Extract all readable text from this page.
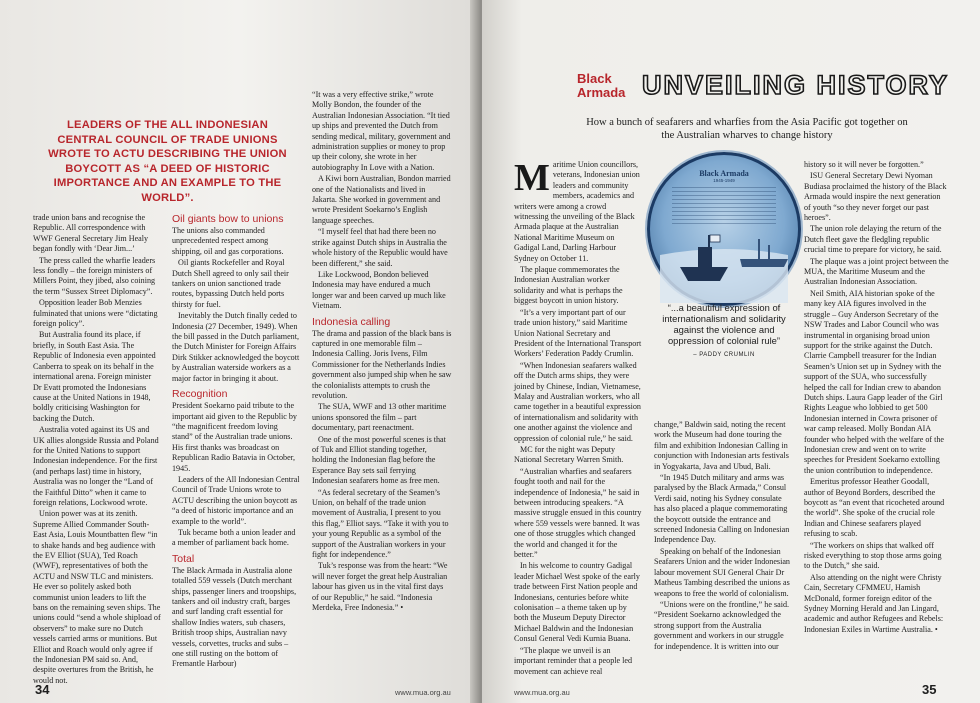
LEADERS OF THE ALL INDONESIAN CENTRAL COUNCIL OF TRADE UNIONS WROTE TO ACTU DESCRIBING THE UNION BOYCOTT AS “A DEED OF HISTORIC IMPORTANCE AND AN EXAMPLE TO THE WORLD”.

trade union bans and recognise the Republic. All correspondence with WWF General Secretary Jim Healy began fondly with ‘Dear Jim...’

The press called the wharfie leaders less fondly – the foreign ministers of Millers Point, they jibed, also coining the term “Sussex Street Diplomacy”.

Opposition leader Bob Menzies fulminated that unions were “dictating foreign policy”.

But Australia found its place, if briefly, in South East Asia. The Republic of Indonesia even appointed Canberra to speak on its behalf in the international arena. Foreign minister Dr Evatt promoted the Indonesians cause at the United Nations in 1948, boldly criticising Washington for backing the Dutch.

Australia voted against its US and UK allies alongside Russia and Poland for the United Nations to support Indonesian independence. For the first (and perhaps last) time in history, Australia was no longer the “Land of the Faithful Ditto” when it came to foreign relations, Lockwood wrote.

Union power was at its zenith. Supreme Allied Commander South-East Asia, Louis Mountbatten flew “in to shake hands and beg audience with the EV Elliot (SUA), Ted Roach (WWF), representatives of both the ACTU and NSW TLC and ministers. He ever so politely asked both communist union leaders to lift the bans on the remaining seven ships. The unions could “send a whole shipload of observers” to make sure no Dutch vessels carried arms or munitions. But Elliot and Roach would only agree if the Indonesian PM said so. And, despite overtures from the British, he would not.

Oil giants bow to unions

The unions also commanded unprecedented respect among shipping, oil and gas corporations.

Oil giants Rockefeller and Royal Dutch Shell agreed to only sail their tankers on union sanctioned trade routes, bypassing Dutch held ports thirsty for fuel.

Inevitably the Dutch finally ceded to Indonesia (27 December, 1949). When the bill passed in the Dutch parliament, the Dutch Minister for Foreign Affairs Dirk Stikker acknowledged the boycott by Australian waterside workers as a major factor in bringing it about.

Recognition

President Soekarno paid tribute to the important aid given to the Republic by “the magnificent freedom loving stand” of the Australian trade unions. His first thanks was broadcast on Republican Radio Batavia in October, 1945.

Leaders of the All Indonesian Central Council of Trade Unions wrote to ACTU describing the union boycott as “a deed of historic importance and an example to the world”.

Tuk became both a union leader and a member of parliament back home.

Total

The Black Armada in Australia alone totalled 559 vessels (Dutch merchant ships, passenger liners and troopships, tankers and oil industry craft, barges and surf landing craft essential for shallow Indies waters, sub chasers, British troop ships, Australian navy vessels, corvettes, trucks and subs – one still rusting on the bottom of Fremantle Harbour)

“It was a very effective strike,” wrote Molly Bondon, the founder of the Australian Indonesian Association. “It tied up ships and prevented the Dutch from sending medical, military, government and administration supplies or money to prop up their colony, she wrote in her autobiography In Love with a Nation.

A Kiwi born Australian, Bondon married one of the Nationalists and lived in Jakarta. She worked in government and wrote President Soekarno’s English language speeches.

“I myself feel that had there been no strike against Dutch ships in Australia the whole history of the Republic would have been different,” she said.

Like Lockwood, Bondon believed Indonesia may have endured a much longer war and been carved up much like Vietnam.

Indonesia calling

The drama and passion of the black bans is captured in one memorable film – Indonesia Calling. Joris Ivens, Film Commissioner for the Netherlands Indies government also jumped ship when he saw the colonialists attempts to crush the revolution.

The SUA, WWF and 13 other maritime unions sponsored the film – part documentary, part reenactment.

One of the most powerful scenes is that of Tuk and Elliot standing together, holding the Indonesian flag before the Esperance Bay sets sail ferrying Indonesian seafarers home as free men.

“As federal secretary of the Seamen’s Union, on behalf of the trade union movement of Australia, I present to you this flag,” Elliot says. “Take it with you to your young Republic as a symbol of the support of the Australian workers in your fight for independence.”

Tuk’s response was from the heart: “We will never forget the great help Australian labour has given us in the vital first days of our Republic,” he said. “Indonesia Merdeka, Free Indonesia.” •

34	www.mua.org.au
Black Armada UNVEILING HISTORY
How a bunch of seafarers and wharfies from the Asia Pacific got together on the Australian wharves to change history
M aritime Union councillors, veterans, Indonesian union leaders and community members, academics and writers were among a crowd witnessing the unveiling of the Black Armada plaque at the Australian National Maritime Museum on Gadigal Land, Darling Harbour Sydney on October 11.

The plaque commemorates the Indonesian Australian worker solidarity and what is perhaps the biggest boycott in union history.

“It’s a very important part of our trade union history,” said Maritime Union National Secretary and President of the International Transport Workers’ Federation Paddy Crumlin.

“When Indonesian seafarers walked off the Dutch arms ships, they were joined by Chinese, Indian, Vietnamese, Malay and Australian workers, who all came together in a beautiful expression of internationalism and solidarity with one another against the violence and oppression of colonial rule,” he said.

MC for the night was Deputy National Secretary Warren Smith.

“Australian wharfies and seafarers fought tooth and nail for the independence of Indonesia,” he said in between introducing speakers. “A massive struggle ensued in this country where 559 vessels were banned. It was one of those struggles which changed the world and changed it for the better.”

In his welcome to country Gadigal leader Michael West spoke of the early trade between First Nation people and Indonesians, centuries before white colonisation – a theme taken up by both the Museum Deputy Director Michael Baldwin and the Indonesian Consul General Vedi Kurnia Buana.

“The plaque we unveil is an important reminder that a people led movement can achieve real

Black Armada
1945-1949
“...a beautiful expression of internationalism and solidarity against the violence and oppression of colonial rule”
– PADDY CRUMLIN

change,” Baldwin said, noting the recent work the Museum had done touring the film and exhibition Indonesian Calling in conjunction with Indonesian arts festivals in Yogyakarta, Java and Ubud, Bali.

“In 1945 Dutch military and arms was paralysed by the Black Armada,” Consul Verdi said, noting his Sydney consulate has also placed a plaque commemorating the boycott outside the entrance and screened Indonesia Calling on Indonesian Independence Day.

Speaking on behalf of the Indonesian Seafarers Union and the wider Indonesian labour movement SUI General Chair Dr Matheus Tambing described the unions as weapons to free the world of colonialism.

“Unions were on the frontline,” he said. “President Soekarno acknowledged the strong support from the Australia government and workers in our struggle for independence. It is written into our

history so it will never be forgotten.”

ISU General Secretary Dewi Nyoman Budiasa proclaimed the history of the Black Armada would inspire the next generation of youth “so they never forget our past heroes”.

The union role delaying the return of the Dutch fleet gave the fledgling republic crucial time to prepare for victory, he said.

The plaque was a joint project between the MUA, the Maritime Museum and the Australian Indonesian Association.

Neil Smith, AIA historian spoke of the many key AIA figures involved in the struggle – Guy Anderson Secretary of the NSW Trades and Labor Council who was instrumental in organising broad union support for the strike against the Dutch. Clarrie Campbell treasurer for the Indian Seamen’s Union set up in Sydney with the support of the SUA, who successfully helped the call for Indian crew to abandon Dutch ships. Laura Gapp leader of the Girl Rights League who lobbied to get 500 Indonesian interned in Cowra prisoner of war camp released. Molly Bondan AIA founder who helped with the welfare of the Indonesian crew and went on to write speeches for President Soekarno extolling the union contribution to independence.

Emeritus professor Heather Goodall, author of Beyond Borders, described the boycott as “an event that ricocheted around the world”. She spoke of the crucial role Indian and Chinese seafarers played refusing to scab.

“The workers on ships that walked off risked everything to stop those arms going to the Dutch,” she said.

Also attending on the night were Christy Cain, Secretary CFMMEU, Hamish McDonald, former foreign editor of the Sydney Morning Herald and Jan Lingard, academic and author Refugees and Rebels: Indonesian Exiles in Wartime Australia. •

www.mua.org.au	35
